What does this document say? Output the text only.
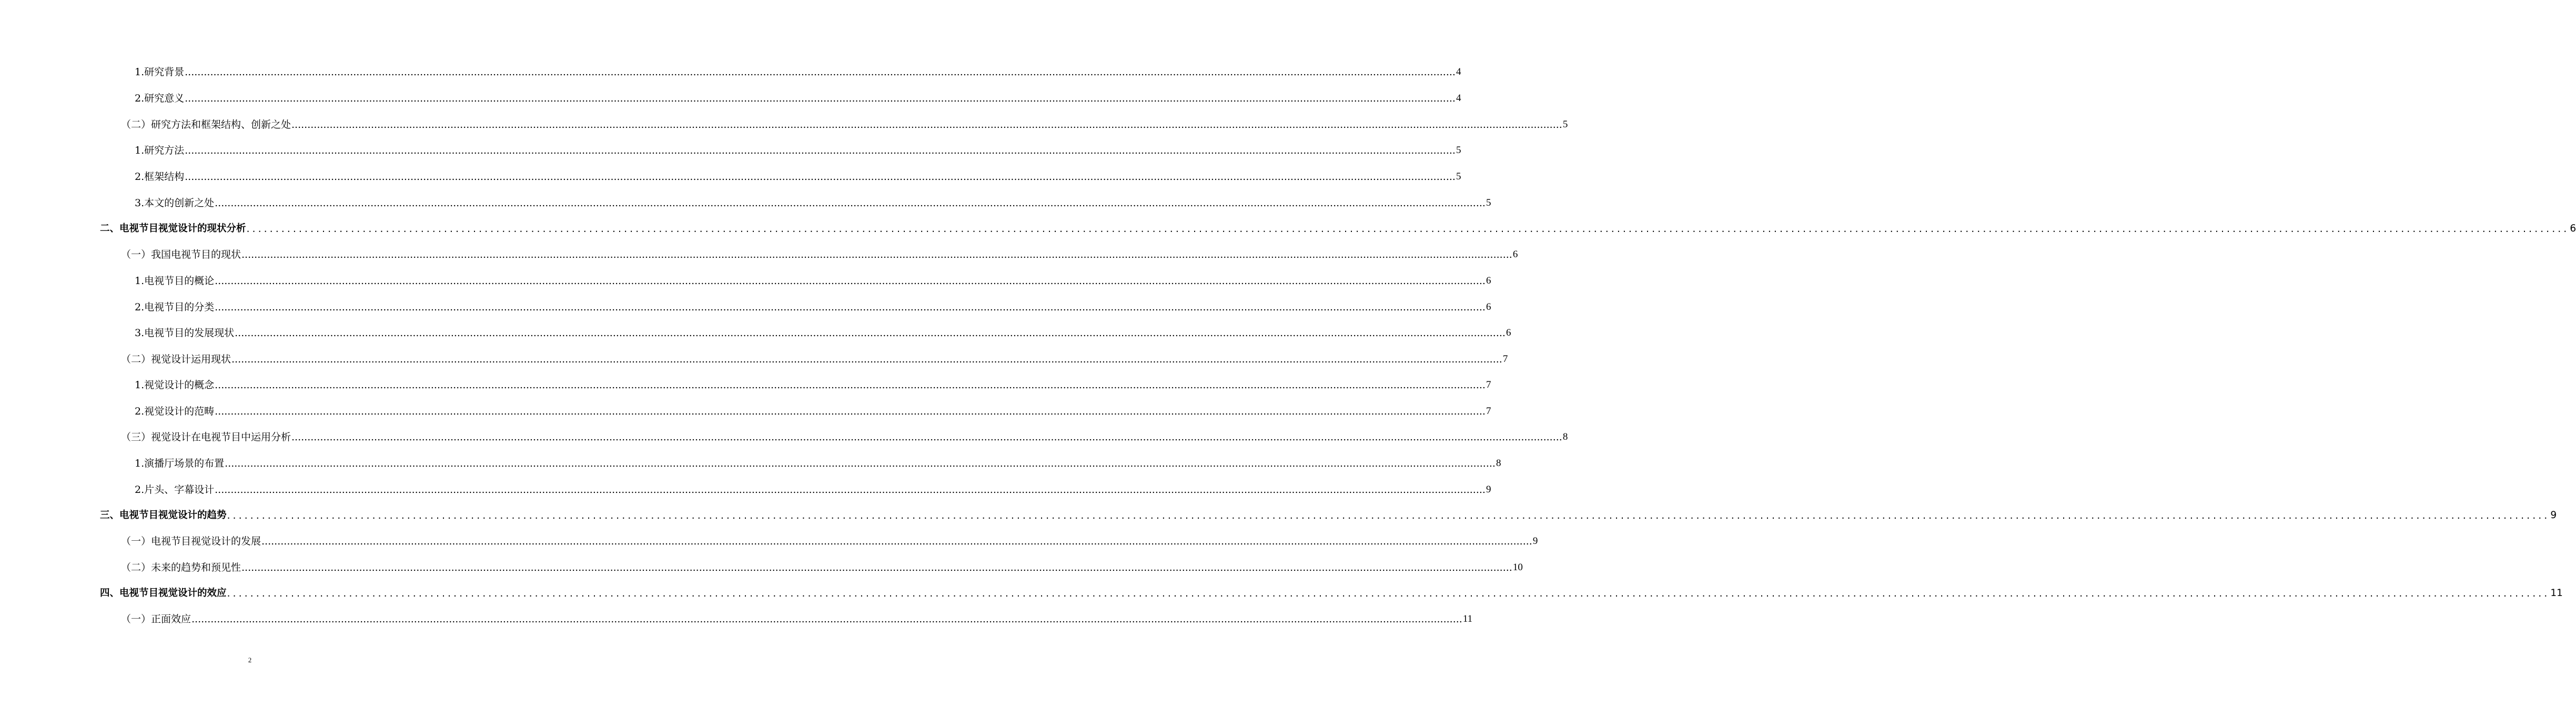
1.研究背景 ................................................................................................................................................................................................................................................................................................................................................................................................................ 4
2.研究意义 ................................................................................................................................................................................................................................................................................................................................................................................................................ 4
（二）研究方法和框架结构、创新之处 ................................................................................................................................................................................................................................................................................................................................................................................................................ 5
1.研究方法 ................................................................................................................................................................................................................................................................................................................................................................................................................ 5
2.框架结构 ................................................................................................................................................................................................................................................................................................................................................................................................................ 5
3.本文的创新之处 ................................................................................................................................................................................................................................................................................................................................................................................................................ 5
二、电视节目视觉设计的现状分析 ................................................................................................................................................................................................................................................................................................................................................................................................................ 6
（一）我国电视节目的现状 ................................................................................................................................................................................................................................................................................................................................................................................................................ 6
1.电视节目的概论 ................................................................................................................................................................................................................................................................................................................................................................................................................ 6
2.电视节目的分类 ................................................................................................................................................................................................................................................................................................................................................................................................................ 6
3.电视节目的发展现状 ................................................................................................................................................................................................................................................................................................................................................................................................................ 6
（二）视觉设计运用现状 ................................................................................................................................................................................................................................................................................................................................................................................................................ 7
1.视觉设计的概念 ................................................................................................................................................................................................................................................................................................................................................................................................................ 7
2.视觉设计的范畴 ................................................................................................................................................................................................................................................................................................................................................................................................................ 7
（三）视觉设计在电视节目中运用分析 ................................................................................................................................................................................................................................................................................................................................................................................................................ 8
1.演播厅场景的布置 ................................................................................................................................................................................................................................................................................................................................................................................................................ 8
2.片头、字幕设计 ................................................................................................................................................................................................................................................................................................................................................................................................................ 9
三、电视节目视觉设计的趋势 ................................................................................................................................................................................................................................................................................................................................................................................................................ 9
（一）电视节目视觉设计的发展 ................................................................................................................................................................................................................................................................................................................................................................................................................ 9
（二）未来的趋势和预见性 ................................................................................................................................................................................................................................................................................................................................................................................................................ 10
四、电视节目视觉设计的效应 ................................................................................................................................................................................................................................................................................................................................................................................................................ 11
（一）正面效应 ................................................................................................................................................................................................................................................................................................................................................................................................................ 11
2
